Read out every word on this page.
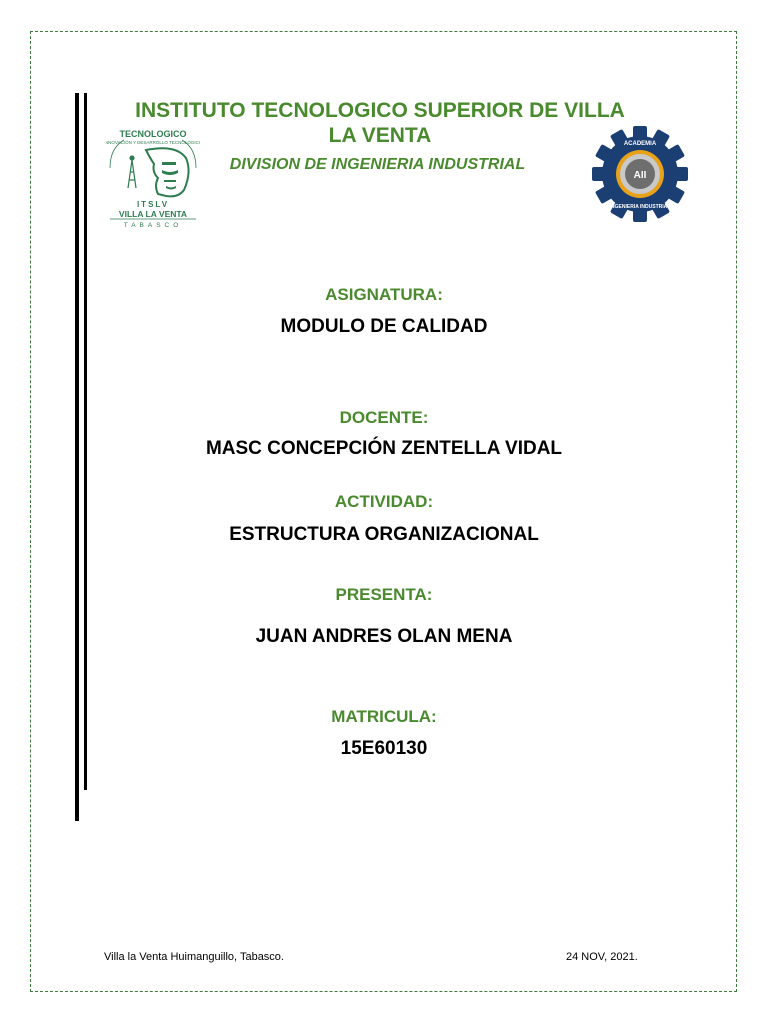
INSTITUTO TECNOLOGICO SUPERIOR DE VILLA LA VENTA
DIVISION DE INGENIERIA INDUSTRIAL
TECNOLOGICO
INNOVACIÓN Y DESARROLLO TECNOLÓGICO
ITSLV
VILLA LA VENTA
TABASCO
AII
ACADEMIA
INGENIERIA INDUSTRIAL
ASIGNATURA:
MODULO DE CALIDAD
DOCENTE:
MASC CONCEPCIÓN ZENTELLA VIDAL
ACTIVIDAD:
ESTRUCTURA ORGANIZACIONAL
PRESENTA:
JUAN ANDRES OLAN MENA
MATRICULA:
15E60130
Villa la Venta Huimanguillo, Tabasco.	24 NOV, 2021.
